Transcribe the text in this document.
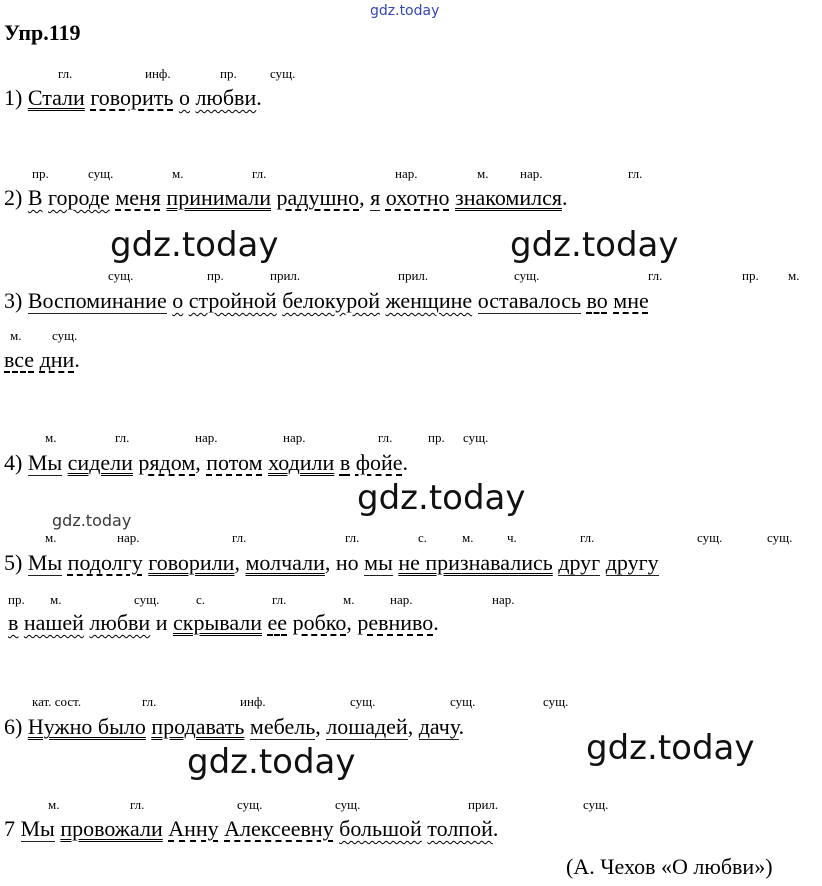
gdz.today
gdz.today	gdz.today
gdz.today
gdz.today
gdz.today	gdz.today
Упр.119
гл.	инф.	пр.	сущ.
1) Стали говорить о любви.
пр.	сущ.	м.	гл.	нар.	м. нар.	гл.
2) В городе меня принимали радушно, я охотно знакомился.
сущ.	пр.	прил.	прил.	сущ.	гл.	пр. м.
3) Воспоминание о стройной белокурой женщине оставалось во мне
м. сущ.
все дни.
м.	гл.	нар.	нар.	гл.	пр. сущ.
4) Мы сидели рядом, потом ходили в фойе.
м.	нар.	гл.	гл.	с.	м.	ч.	гл.	сущ.	сущ.
5) Мы подолгу говорили, молчали, но мы не признавались друг другу
пр. м.	сущ.	с.	гл.	м.	нар.	нар.
в нашей любви и скрывали ее робко, ревниво.
кат. сост.	гл.	инф.	сущ.	сущ.	сущ.
6) Нужно было продавать мебель, лошадей, дачу.
м.	гл.	сущ.	сущ.	прил.	сущ.
7 Мы провожали Анну Алексеевну большой толпой.
(А. Чехов «О любви»)
